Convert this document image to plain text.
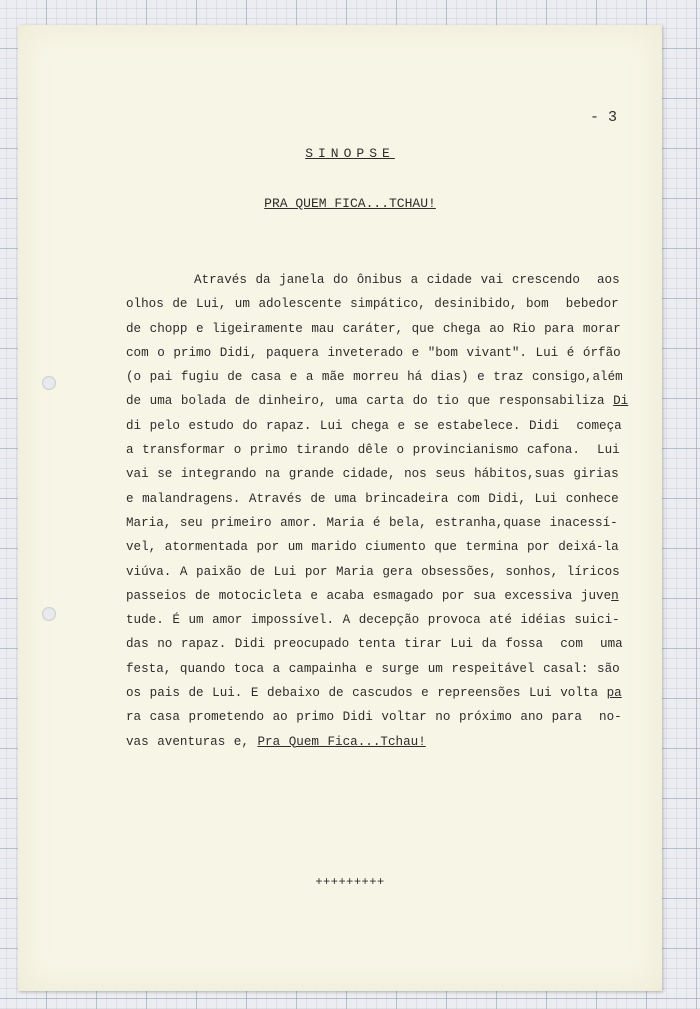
- 3
SINOPSE
PRA QUEM FICA...TCHAU!
Através da janela do ônibus a cidade vai crescendo  aos
olhos de Lui, um adolescente simpático, desinibido, bom  bebedor
de chopp e ligeiramente mau caráter, que chega ao Rio para morar
com o primo Didi, paquera inveterado e "bom vivant". Lui é órfão
(o pai fugiu de casa e a mãe morreu há dias) e traz consigo,além
de uma bolada de dinheiro, uma carta do tio que responsabiliza Di
di pelo estudo do rapaz. Lui chega e se estabelece. Didi  começa
a transformar o primo tirando dêle o provincianismo cafona.  Lui
vai se integrando na grande cidade, nos seus hábitos,suas girias
e malandragens. Através de uma brincadeira com Didi, Lui conhece
Maria, seu primeiro amor. Maria é bela, estranha,quase inacessí-
vel, atormentada por um marido ciumento que termina por deixá-la
viúva. A paixão de Lui por Maria gera obsessões, sonhos, líricos
passeios de motocicleta e acaba esmagado por sua excessiva juven
tude. É um amor impossível. A decepção provoca até idéias suici-
das no rapaz. Didi preocupado tenta tirar Lui da fossa  com  uma
festa, quando toca a campainha e surge um respeitável casal: são
os pais de Lui. E debaixo de cascudos e repreensões Lui volta pa
ra casa prometendo ao primo Didi voltar no próximo ano para  no-
vas aventuras e, Pra Quem Fica...Tchau!
+++++++++
